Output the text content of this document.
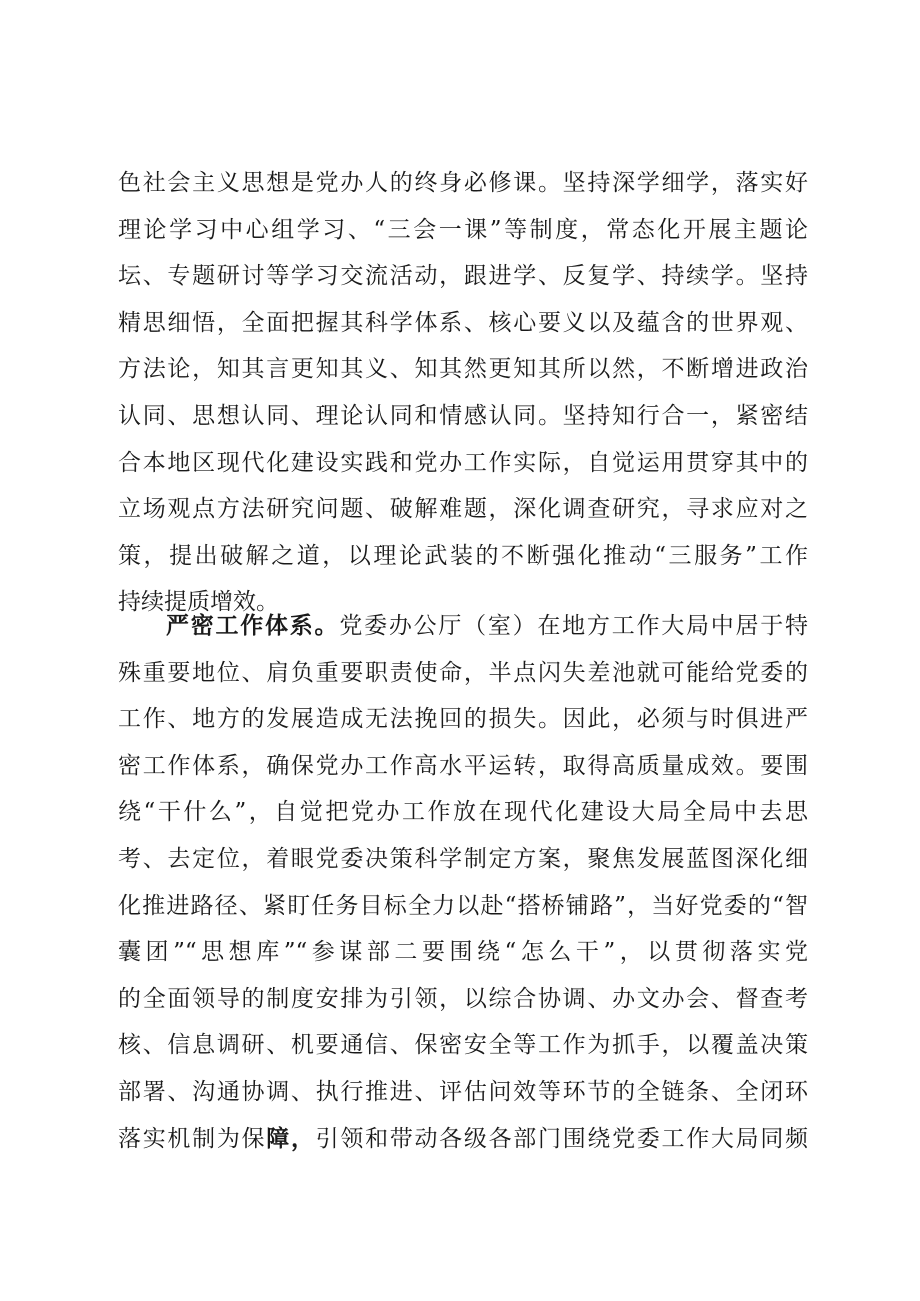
色社会主义思想是党办人的终身必修课。坚持深学细学，落实好
理论学习中心组学习、“三会一课”等制度，常态化开展主题论
坛、专题研讨等学习交流活动，跟进学、反复学、持续学。坚持
精思细悟，全面把握其科学体系、核心要义以及蕴含的世界观、
方法论，知其言更知其义、知其然更知其所以然，不断增进政治
认同、思想认同、理论认同和情感认同。坚持知行合一，紧密结
合本地区现代化建设实践和党办工作实际，自觉运用贯穿其中的
立场观点方法研究问题、破解难题，深化调查研究，寻求应对之
策，提出破解之道，以理论武装的不断强化推动“三服务”工作
持续提质增效。
严密工作体系。党委办公厅（室）在地方工作大局中居于特
殊重要地位、肩负重要职责使命，半点闪失差池就可能给党委的
工作、地方的发展造成无法挽回的损失。因此，必须与时俱进严
密工作体系，确保党办工作高水平运转，取得高质量成效。要围
绕“干什么”，自觉把党办工作放在现代化建设大局全局中去思
考、去定位，着眼党委决策科学制定方案，聚焦发展蓝图深化细
化推进路径、紧盯任务目标全力以赴“搭桥铺路”，当好党委的“智
囊团”“思想库”“参谋部二要围绕“怎么干”，以贯彻落实党
的全面领导的制度安排为引领，以综合协调、办文办会、督查考
核、信息调研、机要通信、保密安全等工作为抓手，以覆盖决策
部署、沟通协调、执行推进、评估问效等环节的全链条、全闭环
落实机制为保障，引领和带动各级各部门围绕党委工作大局同频
